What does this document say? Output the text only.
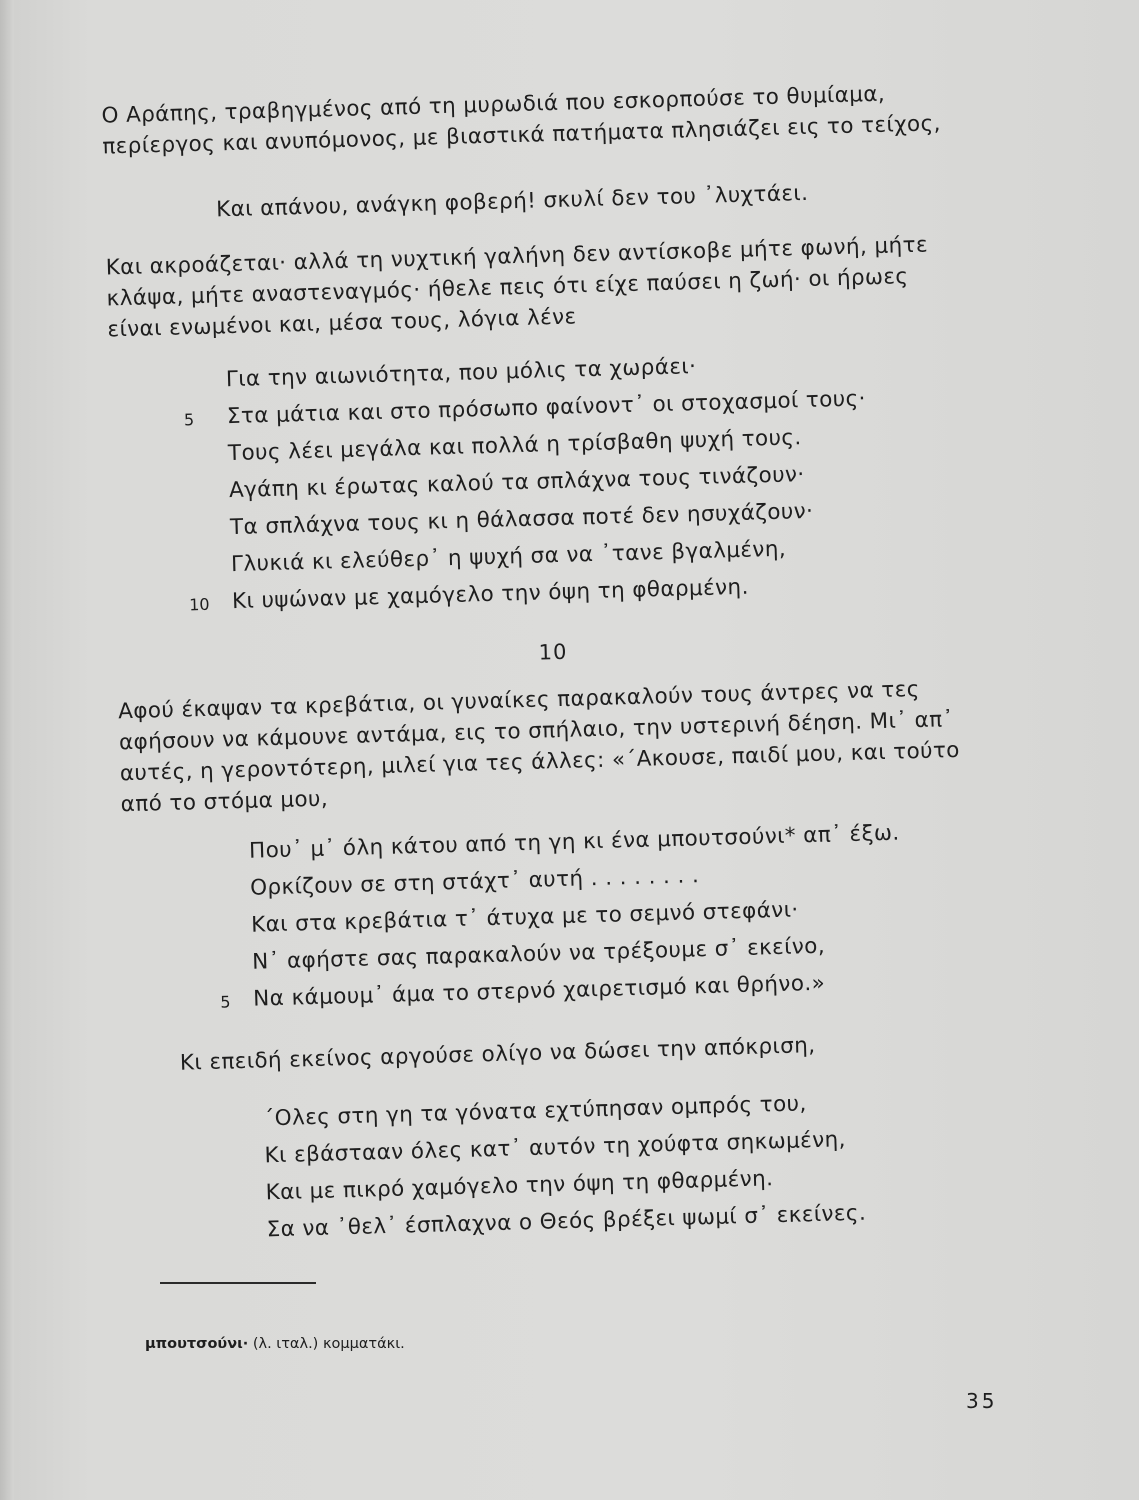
Ο Αράπης, τραβηγμένος από τη μυρωδιά που εσκορπούσε το θυμίαμα, περίεργος και ανυπόμονος, με βιαστικά πατήματα πλησιάζει εις το τείχος,

Και απάνου, ανάγκη φοβερή! σκυλί δεν του ᾿λυχτάει.

Και ακροάζεται· αλλά τη νυχτική γαλήνη δεν αντίσκοβε μήτε φωνή, μήτε κλάψα, μήτε αναστεναγμός· ήθελε πεις ότι είχε παύσει η ζωή· οι ήρωες είναι ενωμένοι και, μέσα τους, λόγια λένε

Για την αιωνιότητα, που μόλις τα χωράει·
5 Στα μάτια και στο πρόσωπο φαίνοντ᾿ οι στοχασμοί τους·
Τους λέει μεγάλα και πολλά η τρίσβαθη ψυχή τους.
Αγάπη κι έρωτας καλού τα σπλάχνα τους τινάζουν·
Τα σπλάχνα τους κι η θάλασσα ποτέ δεν ησυχάζουν·
Γλυκιά κι ελεύθερ᾿ η ψυχή σα να ᾿τανε βγαλμένη,
10 Κι υψώναν με χαμόγελο την όψη τη φθαρμένη.
10

Αφού έκαψαν τα κρεβάτια, οι γυναίκες παρακαλούν τους άντρες να τες αφήσουν να κάμουνε αντάμα, εις το σπήλαιο, την υστερινή δέηση. Μι᾿ απ᾿ αυτές, η γεροντότερη, μιλεί για τες άλλες: «΄Ακουσε, παιδί μου, και τούτο από το στόμα μου,

Που᾿ μ᾿ όλη κάτου από τη γη κι ένα μπουτσούνι* απ᾿ έξω.
Ορκίζουν σε στη στάχτ᾿ αυτή . . . . . . . .
Και στα κρεβάτια τ᾿ άτυχα με το σεμνό στεφάνι·
Ν᾿ αφήστε σας παρακαλούν να τρέξουμε σ᾿ εκείνο,
5 Να κάμουμ᾿ άμα το στερνό χαιρετισμό και θρήνο.»
Κι επειδή εκείνος αργούσε ολίγο να δώσει την απόκριση,
΄Ολες στη γη τα γόνατα εχτύπησαν ομπρός του,
Κι εβάστααν όλες κατ᾿ αυτόν τη χούφτα σηκωμένη,
Και με πικρό χαμόγελο την όψη τη φθαρμένη.
Σα να ᾿θελ᾿ έσπλαχνα ο Θεός βρέξει ψωμί σ᾿ εκείνες.
μπουτσούνι· (λ. ιταλ.) κομματάκι.
35
